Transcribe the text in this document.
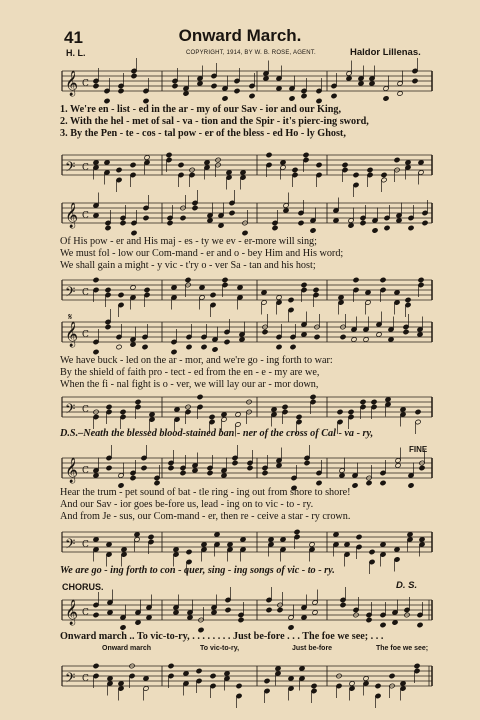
41	Onward March.
H. L.	COPYRIGHT, 1914, BY W. B. ROSE, AGENT.	Haldor Lillenas.
𝄞 C
1. We're en - list - ed in the ar - my of our Sav - ior and our King,
2. With the hel - met of sal - va - tion and the Spir - it's pierc-ing sword,
3. By the Pen - te - cos - tal pow - er of the bless - ed Ho - ly Ghost,
𝄢 C
𝄞 C
Of His pow - er and His maj - es - ty we ev - er-more will sing;
We must fol - low our Com-mand - er and o - bey Him and His word;
We shall gain a might - y vic - t'ry o - ver Sa - tan and his host;
𝄢 C
𝄞 C
𝄋
We have buck - led on the ar - mor, and we're go - ing forth to war:
By the shield of faith pro - tect - ed from the en - e - my are we,
When the fi - nal fight is o - ver, we will lay our ar - mor down,
𝄢 C
D.S.–Neath the blessed blood-stained ban - ner of the cross of Cal - va - ry,
FINE
𝄞 C
Hear the trum - pet sound of bat - tle ring - ing out from shore to shore!
And our Sav - ior goes be-fore us, lead - ing on to vic - to - ry.
And from Je - sus, our Com-mand - er, then re - ceive a star - ry crown.
𝄢 C
We are go - ing forth to con - quer, sing - ing songs of vic - to - ry.
CHORUS.	D. S.
𝄞 C
Onward march .. To vic-to-ry, . . . . . . . . Just be-fore . . . The foe we see; . . .
Onward march	To vic-to-ry,	Just be-fore	The foe we see;
𝄢 C
